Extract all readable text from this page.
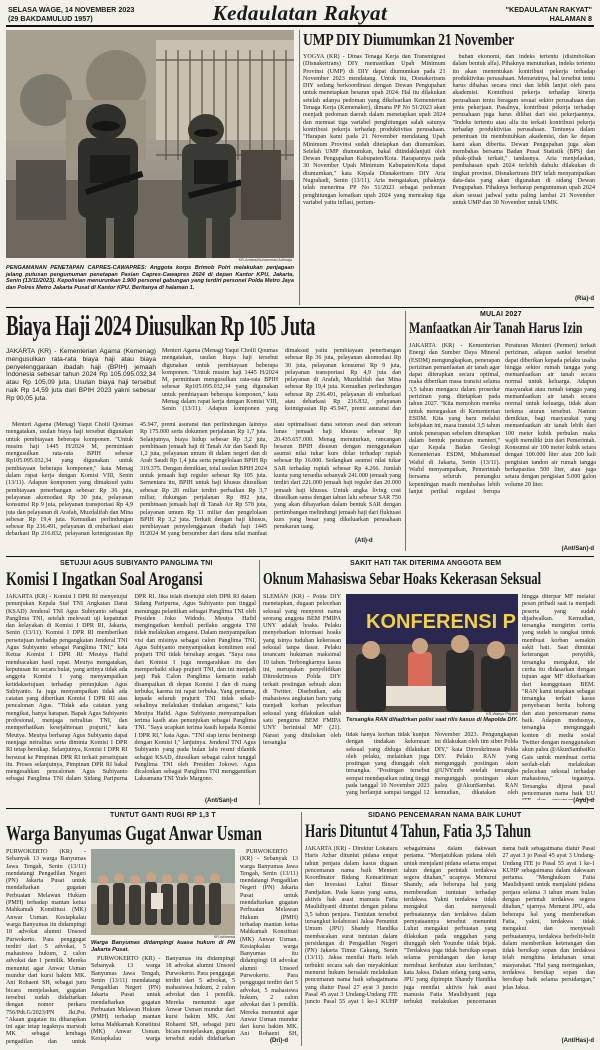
SELASA WAGE, 14 NOVEMBER 2023
(29 BAKDAMULUD 1957)	Kedaulatan Rakyat	"KEDAULATAN RAKYAT"
HALAMAN 8
KR-Antara/Muhammad Adimaja
PENGAMANAN PENETAPAN CAPRES-CAWAPRES: Anggota korps Brimob Polri melakukan penjagaan jelang putusan pengumuman penetapan Pasian Capres-Cawapres 2024 di depan Kantor KPU, Jakarta, Senin (13/11/2023). Kepolisian menurunkan 1.900 personel gabungan yang terdiri personel Polda Metro Jaya dan Polres Metro Jakarta Pusat di Kantor KPU. Beritanya di halaman 1.
UMP DIY Diumumkan 21 November

YOGYA (KR) - Dinas Tenaga Kerja dan Transmigrasi (Disnakertrans) DIY memastikan Upah Minimum Provinsi (UMP) di DIY dapat diumumkan pada 21 November 2023 mendatang. Untuk itu, Disnakertrans DIY sedang berkoordinasi dengan Dewan Pengupahan untuk menetapkan besaran upah 2024. Hal itu dilakukan setelah adanya pedoman yang dikeluarkan Kementerian Tenaga Kerja (Kemenaker), dimana PP No 51/2023 akan menjadi pedoman daerah dalam menetapkan upah 2024 dan memuat tiga variabel penghitungan salah satunya kontribusi pekerja terhadap produktivitas perusahaan. "Harapan kami pada 21 November mendatang Upah Minimum Provinsi sudah ditetapkan dan diumumkan. Setelah UMP diumumkan, bakal ditindaklanjuti oleh Dewan Pengupahan Kabupaten/Kota. Harapannya pada 30 November Upah Minimum Kabupaten/Kota dapat diumumkan," kata Kepala Disnakertrans DIY Aria Nugrahadi, Senin (13/11). Aria mengatakan, pihaknya telah menerima PP No 51/2023 sebagai pedoman penghitungan kenaikan upah 2024 yang mencakup tiga variabel yaitu inflasi, pertum-

buhan ekonomi, dan indeks tertentu (disimbolkan dalam bentuk alfa). Pihaknya menuturkan, indeks tertentu itu akan menentukan kontribusi pekerja terhadap produktivitas perusahaan. Menurutnya, hal tersebut tentu harus dibahas secara rinci dan lebih lanjut oleh para akademisi. Kontribusi pekerja terhadap kinerja perusahaan tentu beragam sesuai sektor perusahaan dan jenis pekerjaan. Pasalnya, kontribusi pekerja terhadap perusahaan juga harus dilihat dari sisi pekerjaannya. "Indeks tertentu atau alfa itu terkait kontribusi pekerja terhadap produktivitas perusahaan. Tentunya dalam penentuan itu membutuhkan akademisi, dan ke depan kami akan diberita. Dewan Pengupahan juga akan membahas bersama Badan Pusat Statistik (BPS) dan pihak-pihak terkait," tandasnya. Aria menjelaskan, pembahasan upah 2024 terlebih dahulu dilakukan di tingkat provinsi. Disnakertrans DIY telah menyampaikan data-data yang akan digunakan di sidang Dewan Pengupahan. Pihaknya berharap pengumuman upah 2024 akan sesuai jadwal yaitu paling lambat 21 November untuk UMP dan 30 November untuk UMK.

(Ria)-d
Biaya Haji 2024 Diusulkan Rp 105 Juta
JAKARTA (KR) - Kementerian Agama (Kemenag) mengusulkan rata-rata biaya haji atau biaya penyelenggaraan ibadah haji (BPIH) jemaah Indonesia sebesar tahun 2024 Rp 105.095.032,34 atau Rp 105,09 juta. Usulan biaya haji tersebut naik Rp 14,59 juta dari BPIH 2023 yakni sebesar Rp 90,05 juta.

Menteri Agama (Menag) Yaqut Cholil Qoumas mengatakan, usulan biaya haji tersebut digunakan untuk pembiayaan beberapa komponen. "Untuk musim haji 1445 H/2024 M, permintaan mengusulkan rata-rata BPIH sebesar Rp105.095.032,34 yang digunakan untuk pembiayaan beberapa komponen," kata Menag dalam rapat kerja dengan Komisi VIII, Senin (13/11). Adapun komponen yang dimaksud yaitu pembiayaan penerbangan sebesar Rp 36 juta, pelayanan akomodasi Rp 30 juta, pelayanan konsumsi Rp 9 juta, pelayanan transportasi Rp 4,9 juta dan pelayanan di Arafah, Muzdalifah dan Mina sebesar Rp 19,4 juta. Kemudian perlindungan sebesar Rp 236.491, pelayanan di embarkasi atau debarkasi Rp 216.832, pelayanan keimigrasian Rp 45.947, premi asuransi dan perlindungan lainnya Rp 175.000 serta dokumen perjalanan Rp 1,7 juta. Selanjutnya, biaya hidup sebesar Rp 3,2 juta, pembinaan jemaah haji di Tanah Air dan Saudi Rp 1,2 juta, pelayanan umum di dalam negeri dan di Arab Saudi Rp 1,4 juta serta pengelolaan BPIH Rp 319.375. Dengan demikian, total usulan BPIH 2024 untuk jemaah haji reguler sebesar Rp 105 juta. Sementara itu, BPIH untuk haji khusus diusulkan sebesar Rp 20 miliar terdiri perbaikan Rp 3,7 miliar, dukungan perjalanan Rp 892 juta, pembinaan jemaah haji di Tanah Air Rp 578 juta, pelayanan umum Rp 11 miliar dan pengelolaan BPIH Rp 3,2 juta. Terkait dengan haji khusus, pembiayaan penyelenggaraan ibadah haji 1445 H/2024 M yang bersumber dari dana nilai manfaat atau optimalisasi dana setoran awal dan setoran lunas jemaah haji khusus sebesar Rp 20.435.657.000. Menag menuturkan, rancangan besaran BPIH disusun dengan menggunakan asumsi nilai tukar kurs dolar terhadap rupiah sebesar Rp 16.000. Sedangkan asumsi nilai tukar SAR terhadap rupiah sebesar Rp 4.266. Jumlah kuota yang tersedia sebanyak 241.000 jemaah yang terdiri dari 221.000 jemaah haji reguler dan 20.000 jemaah haji khusus. Untuk angka living cost diusulkan sama dengan tahun lalu sebesar SAR 750 yang akan dibayarkan dalam bentuk SAR dengan pertimbangan melindungi jemaah haji dari fluktuasi kurs yang besar yang dikeluarkan perusahaan penukaran uang.

Menteri Agama (Menag) Yaqut Cholil Qoumas mengatakan, usulan biaya haji tersebut digunakan untuk pembiayaan beberapa komponen. "Untuk musim haji 1445 H/2024 M, permintaan mengusulkan rata-rata BPIH sebesar Rp105.095.032,34 yang digunakan untuk pembiayaan beberapa komponen," kata Menag dalam rapat kerja dengan Komisi VIII, Senin (13/11). Adapun komponen yang dimaksud yaitu pembiayaan penerbangan sebesar Rp 36 juta, pelayanan akomodasi Rp 30 juta, pelayanan konsumsi Rp 9 juta, pelayanan transportasi Rp 4,9 juta dan pelayanan di Arafah, Muzdalifah dan Mina sebesar Rp 19,4 juta. Kemudian perlindungan sebesar Rp 236.491, pelayanan di embarkasi atau debarkasi Rp 216.832, pelayanan keimigrasian Rp 45.947, premi asuransi dan

(Ati)-d
MULAI 2027
Manfaatkan Air Tanah Harus Izin

JAKARTA (KR) - Kementerian Energi dan Sumber Daya Mineral (ESDM) mengungkapkan, penerapan perizinan pemanfaatan air tanah agar dapat diterapkan secara optimal, maka diberikan masa transisi selama 3,5 tahun mengacu dalam prosedur perizinan yang ditetapkan pada tahun 2027. "Kita memohon mereka untuk menegaskan di Kementerian ESDM. Kita yang baru melalui kebijakan ini, masa transisi 3,5 tahun untuk penerapan sebelum diterapkan dalam bentuk peraturan menteri," ujar Kepala Badan Geologi Kementerian ESDM, Muhammad Wafid di Jakarta, Senin (13/11). Wafid menyampaikan, Pemerintah bersama seluruh pemangku kepentingan masih membahas lebih lanjut perihal regulasi berupa Peraturan Menteri (Permen) terkait perizinan, adapun sanksi tersebut dapat diberikan kepada pelaku usaha hingga sektor rumah tangga yang memanfaatkan air tanah secara normal untuk keluarga. Adapun masyarakat atau rumah tangga yang memanfaatkan air tanah secara normal untuk keluarga, tidak akan terkena aturan tersebut. Namun demikian, bagi masyarakat yang memanfaatkan air tanah lebih dari 100 meter kubik perbulan maka wajib memiliki izin dari Pemerintah. Konsumsi air 100 meter kubik setara dengan 100.000 liter atau 200 kali pengisian tandon air rumah tangga berkapasitas 500 liter, atau juga setara dengan pengisian 5.000 galon volume 20 liter.

(Ant/San)-d
SETUJUI AGUS SUBIYANTO PANGLIMA TNI
Komisi I Ingatkan Soal Arogansi

JAKARTA (KR) - Komisi I DPR RI menyetujui penunjukan Kepala Staf TNI Angkatan Darat (KSAD) Jenderal TNI Agus Subiyanto sebagai Panglima TNI, setelah melewati uji kepatutan dan kelayakan di Komisi I DPR RI, Jakarta, Senin (13/11). Komisi I DPR RI memberikan persetujuan terhadap pengangkatan Jenderal TNI Agus Subiyanto sebagai Panglima TNI," kata Ketua Komisi I DPR RI Meutya Hafid membacakan hasil rapat. Meutya mengatakan, keputusan itu secara bulat, yang artinya tidak ada anggota Komisi I yang menyampaikan ketidaksetujuan terhadap penunjukan Agus Subiyanto. Ia juga menyampaikan tidak ada catatan yang diberikan Komisi I DPR RI atas pencalonan Agus. "Tidak ada catatan yang mengikat, hanya harapan. Bapak Agus Subiyanto profesional, menjaga netralitas TNI, dan memperhatikan kesejahteraan prajurit," kata Meutya. Meutya berharap Agus Subiyanto dapat menjaga netralitas serta diminta Komisi I DPR RI tetap bersikap. Selanjutnya, Komisi I DPR RI bersurat ke Pimpinan DPR RI terkait persetujuan itu. Proses selanjutnya, Pimpinan DPR RI bakal mengesahkan pencalonan Agus Subiyanto sebagai Panglima TNI dalam Sidang Paripurna DPR RI. Jika telah disetujui oleh DPR RI dalam Sidang Paripurna, Agus Subiyanto pun tinggal menunggu pelantikan sebagai Panglima TNI oleh Presiden Joko Widodo. Meutya Hafid mengingatkan kembali perilaku anggota TNI tidak melakukan arogansi. Dalam menyampaikan visi dan misinya sebagai calon Panglima TNI, Agus Subiyanto menyampaikan komitmen soal prajurit TNI tidak bersikap arogan. "Saya rasa dari Komisi I juga mengarahkan itu dan memperbaiki sikap prajurit TNI, dan ini menjadi janji Pak Calon Panglima kemarin sudah disampaikan di depan Komisi I dan di ruang terbuka, karena ini rapat terbuka. Yang pertama, kepada seluruh prajurit TNI tidak sekali-sekalinya melakukan tindakan arogansi," kata Meutya Hafid. Agus Subiyanto menyampaikan terima kasih atas penunjukan sebagai Panglima TNI. "Saya ucapkan terima kasih kepada Komisi I DPR RI," kata Agus. "TNI siap terus bersinergi dengan Komisi I," lanjutnya. Jenderal TNI Agus Subiyanto yang pada bulan lalu resmi dilantik sebagai KSAD, diusulkan sebagai calon tunggal Panglima TNI oleh Presiden Jokowi. Agus dicalonkan sebagai Panglima TNI menggantikan Laksamana TNI Yudo Margono.

(Ant/San)-d
SAKIT HATI TAK DITERIMA ANGGOTA BEM
Oknum Mahasiswa Sebar Hoaks Kekerasan Seksual
SLEMAN (KR) - Polda DIY menetapkan, dugaan pelecehan seksual yang menyeret nama seorang anggota BEM FMIPA UNY adalah hoaks. Pelaku menyebarkan informasi hoaks yang isinya tuduhan kekerasan seksual tanpa dasar. Pelaku terancam hukuman maksimal 10 tahun. Terbongkarnya kasus ini, merupakan penyelidikan Ditreskrimsus Polda DIY terkait postingan sebuah akun di Twitter. Disebutkan, ada mahasiswa angkatan baru yang menjadi korban pelecehan seksual yang dilakukan salah satu pengurus BEM FMIPA UNY berinisial MF (21). Narasi yang dituliskan oleh tersangka
KONFERENSI P
KR-Wahyu Priyanti
Tersangka RAN dihadirkan polisi saat rilis kasus di Mapolda DIY.

tidak hanya korban tidak kunjun dengan tindakan kekerasan seksual yang diduga dilakukan oleh pelaku, melainkan juga postingan yang diunggah oleh tersangka. "Postingan tersebut sempat mendapatkan rating tinggi pada tanggal 10 November 2023 yang berlanjut sampai tanggal 12 November 2023. Pengungkapan ini dilakukan oleh tim siber Polda DIY," kata Dirreskrimsus Polda DIY. Pelaku RAN yang mengunggah postingan akun @UNYmfb setelah tersangka mengunggah postingan akun palsu @AkunSambat. RAN kemudian, dikatakan oleh

hingga diterpar MF melalui pesan pribadi saat ia menjadi peserta yang sudah dijadwalkan. Kemudian, tersangka mengirim cerita yang sudah ia rangkai untuk membuat korban semakin sakit hati. Saat dimintai keterangan penyidik, tersangka mengakui, ide cerita itu didasarkan dengan tujuan agar MF dikeluarkan dari keanggotaan BEM. "RAN kami tetapkan sebagai tersangka terkait kasus penyebaran berita bohong dan atau pencemaran nama baik. Adapun modusnya, tersangka mengunggah konten di media sosial Twitter dengan menggunakan akun palsu @AkunSambatKu Gais untuk membuat cerita seolah-olah melakukan pelecehan seksual terhadap mahasiswa," tegasnya. Tersangka dijerat pasal pencemaran nama baik UU
(Ayu)-d
TUNTUT GANTI RUGI RP 1,3 T
Warga Banyumas Gugat Anwar Usman

PURWOKERTO (KR) - Sebanyak 13 warga Banyumas Jawa Tengah, Senin (13/11) mendatangi Pengadilan Negeri (PN) Jakarta Pusat untuk mendaftarkan gugatan Perbuatan Melawan Hukum (PMH) terhadap mantan ketua Mahkamah Konstitusi (MK) Anwar Usman. Kesiapkalau warga Banyumas itu didampingi 18 advokat alumni Unsoed Purwokerto. Para penggugat terdiri dari 5 advokat, 5 mahasiswa hukum, 2 calon advokat dan 1 pemilik. Mereka menuntut agar Anwar Usman mundur dari kursi hakim MK. Ani Rohaeni SH, sebagai juru bicara menjelaskan, gugatan tersebut sudah didaftarkan dengan nomor perkara 756/Pdt.G/2023/PN Jkt.Pst. "Akaan gugatan itu diharapkan ini agar tetap tegaknya marwah MK sebagai lembaga pengadilan dan untuk

KR-istimewa
Warga Banyumas didampingi kuasa hukum di PN Jakarta Pusat.

PURWOKERTO (KR) - Sebanyak 13 warga Banyumas Jawa Tengah, Senin (13/11) mendatangi Pengadilan Negeri (PN) Jakarta Pusat untuk mendaftarkan gugatan Perbuatan Melawan Hukum (PMH) terhadap mantan ketua Mahkamah Konstitusi (MK) Anwar Usman. Kesiapkalau warga Banyumas itu didampingi 18 advokat alumni Unsoed Purwokerto. Para penggugat terdiri dari 5 advokat, 5 mahasiswa hukum, 2 calon advokat dan 1 pemilik. Mereka menuntut agar Anwar Usman mundur dari kursi hakim MK. Ani Rohaeni SH, sebagai juru bicara menjelaskan, gugatan tersebut sudah didaftarkan

PURWOKERTO (KR) - Sebanyak 13 warga Banyumas Jawa Tengah, Senin (13/11) mendatangi Pengadilan Negeri (PN) Jakarta Pusat untuk mendaftarkan gugatan Perbuatan Melawan Hukum (PMH) terhadap mantan ketua Mahkamah Konstitusi (MK) Anwar Usman. Kesiapkalau warga Banyumas itu didampingi 18 advokat alumni Unsoed Purwokerto. Para penggugat terdiri dari 5 advokat, 5 mahasiswa hukum, 2 calon advokat dan 1 pemilik. Mereka menuntut agar Anwar Usman mundur dari kursi hakim MK. Ani Rohaeni SH,

(Dri)-d
SIDANG PENCEMARAN NAMA BAIK LUHUT
Haris Dituntut 4 Tahun, Fatia 3,5 Tahun

JAKARTA (KR) - Direktur Lokataru Haris Azhar dituntut pidana empat tahun penjara dalam kasus dugaan pencemaran nama baik Menteri Koordinator Bidang Kemaritiman dan Investasi Luhut Binsar Pandjaitan. Pada kasus yang sama, aktivis hak asasi manusia Fatia Maulidiyanti dituntut dengan pidana 3,5 tahun penjara. Tuntutan tersebut tersangkut kolaborasi Jaksa Penuntut Umum (JPU) Shandy Handika membacakan surat tuntutan dalam persidangan di Pengadilan Negeri (PN) Jakarta Timur Cakung, Senin (13/11). Jaksa menilai Haris telah terbukti secara sah dan meyakinkan menurut hukum bersalah melakukan pencemaran nama baik sebagaimana yang diatur Pasal 27 ayat 3 juncto Pasal 45 ayat 3 Undang-Undang ITE juncto Pasal 55 ayat 1 ke-1 KUHP sebagaimana dalam dakwaan pertama. "Menjatuhkan pidana oleh untuk menjalani pidana selama empat tahun dengan perintah terdakwa segera ditahan," ucapnya. Menurut Shandy, ada beberapa hal yang memberatkan tuntutan terhadap terdakwa. Yakni terdakwa tidak mengakui dan menyesali perbuatannya dan terdakwa dalam pernyataannya tersebut menuntut Luhut mengakui perbuatan yang dilakukan pada unggahan yang diunggah oleh Youtube tidak bijak. "Terdakwa juga tidak bersikap sopan selama persidangan dan kerap membuat keributan atau keributan," kata Jaksa. Dalam sidang yang sama, JPU yang dipimpin Shandy Handika juga menilai aktivis hak asasi manusia Fatia Maulidiyanti juga terbukti melakukan pencemaran nama baik sebagaimana diatur Pasal 27 ayat 3 jo Pasal 45 ayat 3 Undang-Undang ITE jo Pasal 55 ayat 1 ke-1 KUHP sebagaimana dalam dakwaan pertama. "Menghukum Fatia Maulidiyanti untuk menjalani pidana penjara selama 3 tahun enam bulan dengan perintah terdakwa segera ditahan," ujarnya. Menurut JPU, ada beberapa hal yang memberatkan Fatia, yakni, terdakwa tidak mengakui dan menyesali perbuatannya, terdakwa berbelit-belit dalam memberikan keterangan dan tidak bersikap sopan dan terdakwa telah menghina ketahanan umat masyarakat. "Hal yang meringankan, terdakwa bersikap sopan dan bersikap baik selama persidangan," jelas Jaksa.

(Ant/Has)-d
